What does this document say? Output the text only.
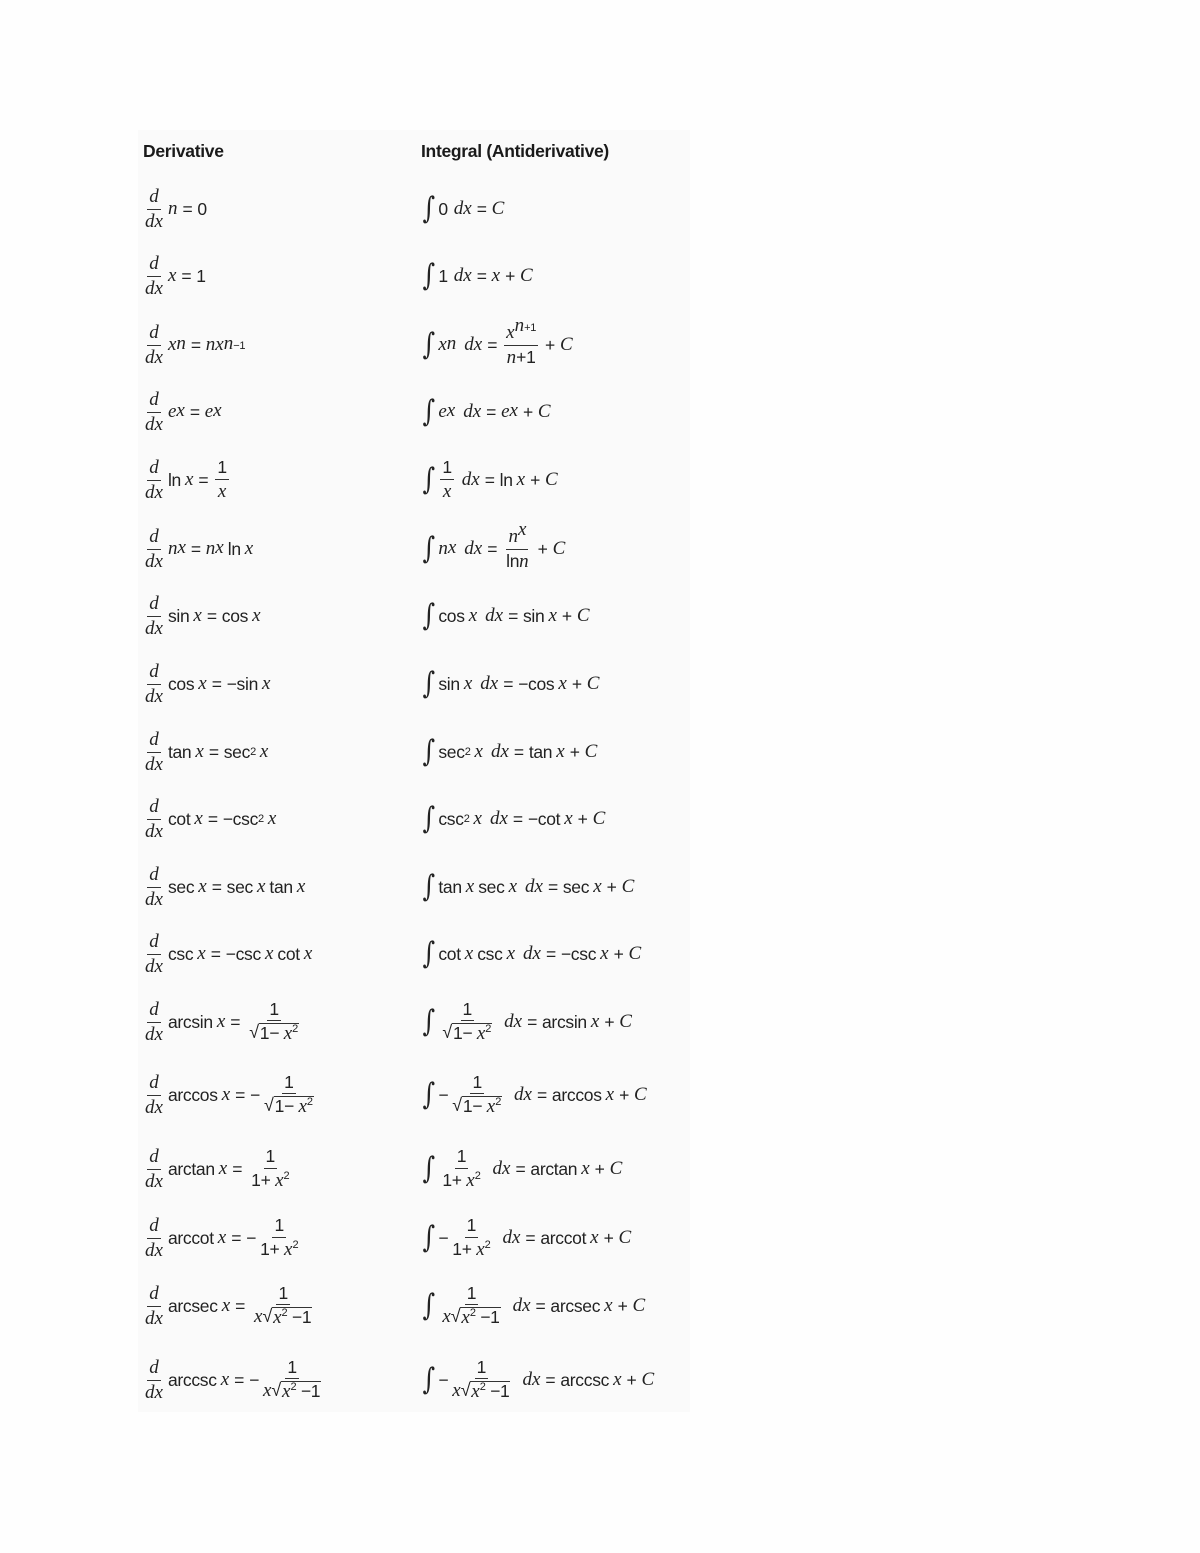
Derivative	Integral (Antiderivative)
$\frac{d}{dx}$ n = 0	∫ 0 dx = C
$\frac{d}{dx}$ x = 1	∫ 1 dx = x + C
$\frac{d}{dx}$ x n = nx n−1	∫ x n dx = $\frac{x^{n+1}}{n+1} + C$
$\frac{d}{dx}$ e x = e x	∫ e x dx = e x + C
$\frac{d}{dx}$ $\ln x = \frac{1}{x}$	∫ $\frac{1}{x}$ dx = ln x + C
$\frac{d}{dx}$ n x = n x ln x	∫ n x dx = $\frac{n^x}{\ln n} + C$
$\frac{d}{dx}$ sin x = cos x	∫ cos x dx = sin x + C
$\frac{d}{dx}$ cos x = −sin x	∫ sin x dx = −cos x + C
$\frac{d}{dx}$ tan x = sec 2 x	∫ sec 2 x dx = tan x + C
$\frac{d}{dx}$ cot x = −csc 2 x	∫ csc 2 x dx = −cot x + C
$\frac{d}{dx}$ sec x = sec x tan x	∫ tan x sec x dx = sec x + C
$\frac{d}{dx}$ csc x = −csc x cot x	∫ cot x csc x dx = −csc x + C
$\frac{d}{dx}$ $\arcsin x = \frac{1}{√ 1- x^2}$	∫ $\frac{1}{√ 1- x^2}$ dx = arcsin x + C
$\frac{d}{dx}$ arccos x = − $\frac{1}{√ 1- x^2}$	∫ − $\frac{1}{√ 1- x^2}$ dx = arccos x + C
$\frac{d}{dx}$ $\arctan x = \frac{1}{1+ x^2}$	∫ $\frac{1}{1+ x^2}$ dx = arctan x + C
$\frac{d}{dx}$ arccot x = − $\frac{1}{1+ x^2}$	∫ − $\frac{1}{1+ x^2}$ dx = arccot x + C
$\frac{d}{dx}$ arcsec $x = \frac{1}{x √ x^2 -1}$	∫ $\frac{1}{x √ x^2 -1}$ dx = arcsec x + C
$\frac{d}{dx}$ arccsc x = − $\frac{1}{x √ x^2 -1}$	∫ − $\frac{1}{x √ x^2 -1}$ dx = arccsc x + C
